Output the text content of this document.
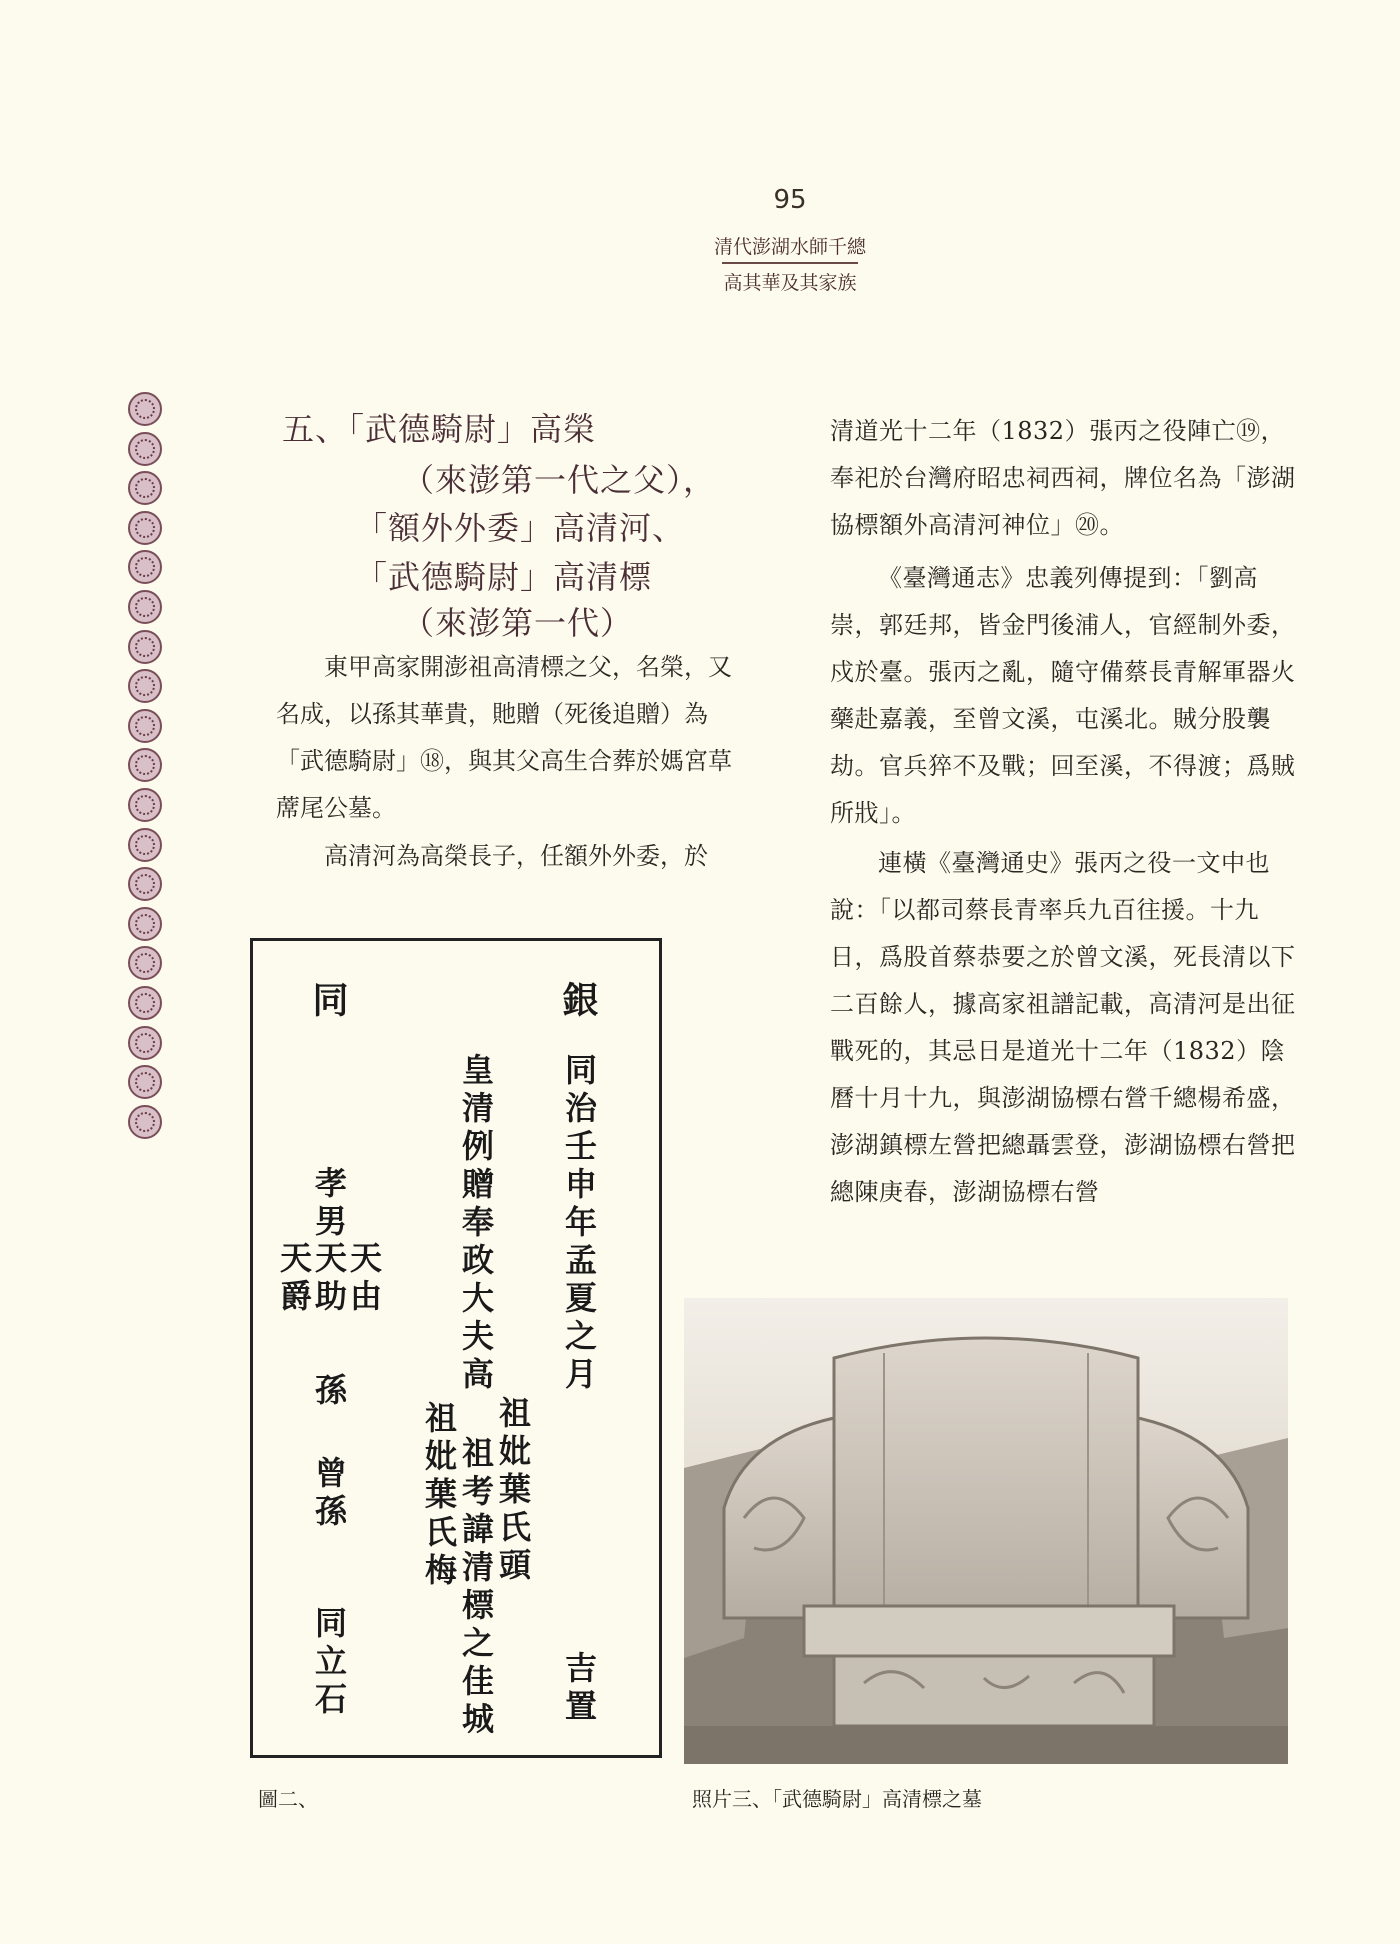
95
清代澎湖水師千總
高其華及其家族
五、「武德騎尉」高榮
（來澎第一代之父），
「額外外委」高清河、
「武德騎尉」高清標
（來澎第一代）
東甲高家開澎祖高清標之父，名榮，又名成，以孫其華貴，貤贈（死後追贈）為「武德騎尉」⑱，與其父高生合葬於媽宮草蓆尾公墓。
高清河為高榮長子，任額外外委，於
清道光十二年（1832）張丙之役陣亡⑲，奉祀於台灣府昭忠祠西祠，牌位名為「澎湖協標額外高清河神位」⑳。
《臺灣通志》忠義列傳提到：「劉高崇，郭廷邦，皆金門後浦人，官經制外委，戍於臺。張丙之亂，隨守備蔡長青解軍器火藥赴嘉義，至曾文溪，屯溪北。賊分股襲劫。官兵猝不及戰；回至溪，不得渡；爲賊所戕」。
連橫《臺灣通史》張丙之役一文中也說：「以都司蔡長青率兵九百往援。十九日，爲股首蔡恭要之於曾文溪，死長清以下二百餘人，據高家祖譜記載，高清河是出征戰死的，其忌日是道光十二年（1832）陰曆十月十九，與澎湖協標右營千總楊希盛，澎湖鎮標左營把總聶雲登，澎湖協標右營把總陳庚春，澎湖協標右營
銀
同治壬申年孟夏之月
吉置
皇清例贈奉政大夫高
祖妣葉氏頭
祖考諱清標之佳城
祖妣葉氏梅
同
孝男
天由
天助
天爵
孫
曾孫
同立石
圖二、	照片三、「武德騎尉」高清標之墓
